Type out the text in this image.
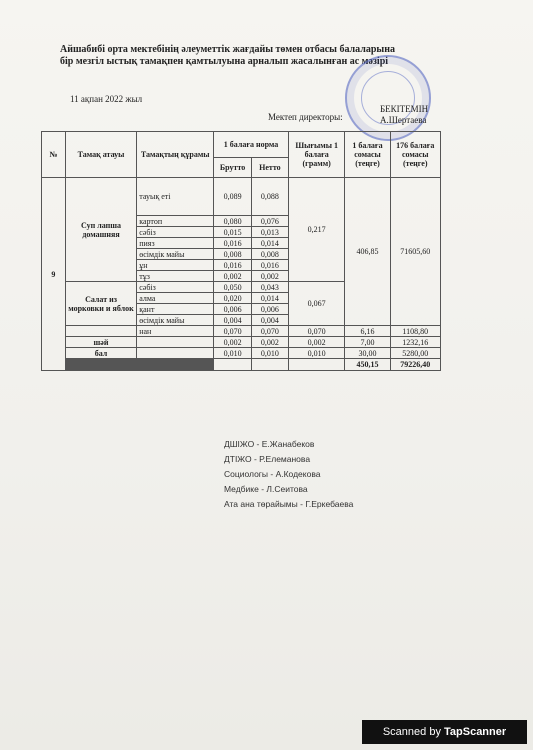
Айшабибі орта мектебінің әлеуметтік жағдайы төмен отбасы балаларына
бір мезгіл ыстық тамақпен қамтылуына арналып жасалынған ас мәзірі
11 ақпан 2022 жыл
БЕКІТЕМІН
А.Шертаева
Мектеп директоры:
№	Тамақ атауы	Тамақтың құрамы	1 балаға норма		Шығымы 1 балаға (грамм)	1 балаға сомасы (теңге)	176 балаға сомасы (теңге)
			Брутто	Нетто			
9	Суп лапша домашняя	тауық еті	0,089	0,088	0,217	406,85	71605,60
		картоп	0,080	0,076			
		сәбіз	0,015	0,013			
		пияз	0,016	0,014			
		өсімдік майы	0,008	0,008			
		ұн	0,016	0,016			
		тұз	0,002	0,002			
	Салат из морковки и яблок	сәбіз	0,050	0,043	0,067		
		алма	0,020	0,014			
		қант	0,006	0,006			
		өсімдік майы	0,004	0,004			
		нан	0,070	0,070	0,070	6,16	1108,80
	шәй		0,002	0,002	0,002	7,00	1232,16
	бал		0,010	0,010	0,010	30,00	5280,00
						450,15	79226,40
ДШІЖО - Е.Жанабеков
ДТІЖО - Р.Елеманова
Социологы - А.Кодекова
Медбике - Л.Сеитова
Ата ана төрайымы - Г.Еркебаева
Scanned by TapScanner
